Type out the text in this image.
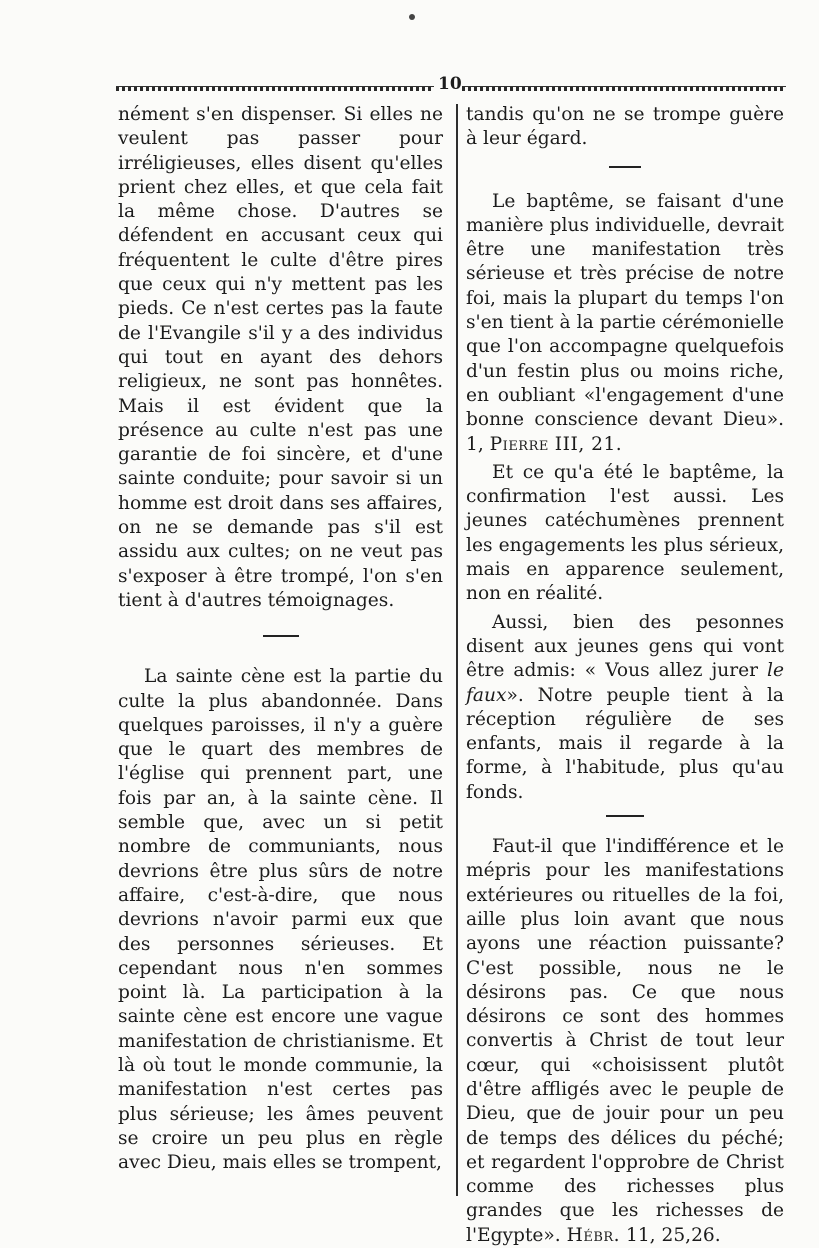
10

nément s'en dispenser. Si elles ne veulent pas passer pour irréligieuses, elles disent qu'elles prient chez elles, et que cela fait la même chose. D'autres se défendent en accusant ceux qui fréquentent le culte d'être pires que ceux qui n'y mettent pas les pieds. Ce n'est certes pas la faute de l'Evangile s'il y a des individus qui tout en ayant des dehors religieux, ne sont pas honnêtes. Mais il est évident que la présence au culte n'est pas une garantie de foi sincère, et d'une sainte conduite; pour savoir si un homme est droit dans ses affaires, on ne se demande pas s'il est assidu aux cultes; on ne veut pas s'exposer à être trompé, l'on s'en tient à d'autres témoignages.

La sainte cène est la partie du culte la plus abandonnée. Dans quelques paroisses, il n'y a guère que le quart des membres de l'église qui prennent part, une fois par an, à la sainte cène. Il semble que, avec un si petit nombre de communiants, nous devrions être plus sûrs de notre affaire, c'est-à-dire, que nous devrions n'avoir parmi eux que des personnes sérieuses. Et cependant nous n'en sommes point là. La participation à la sainte cène est encore une vague manifestation de christianisme. Et là où tout le monde communie, la manifestation n'est certes pas plus sérieuse; les âmes peuvent se croire un peu plus en règle avec Dieu, mais elles se trompent,

tandis qu'on ne se trompe guère à leur égard.

Le baptême, se faisant d'une manière plus individuelle, devrait être une manifestation très sérieuse et très précise de notre foi, mais la plupart du temps l'on s'en tient à la partie cérémonielle que l'on accompagne quelquefois d'un festin plus ou moins riche, en oubliant «l'engagement d'une bonne conscience devant Dieu». 1, Pierre III, 21.

Et ce qu'a été le baptême, la confirmation l'est aussi. Les jeunes catéchumènes prennent les engagements les plus sérieux, mais en apparence seulement, non en réalité.

Aussi, bien des pesonnes disent aux jeunes gens qui vont être admis: « Vous allez jurer le faux». Notre peuple tient à la réception régulière de ses enfants, mais il regarde à la forme, à l'habitude, plus qu'au fonds.

Faut-il que l'indifférence et le mépris pour les manifestations extérieures ou rituelles de la foi, aille plus loin avant que nous ayons une réaction puissante? C'est possible, nous ne le désirons pas. Ce que nous désirons ce sont des hommes convertis à Christ de tout leur cœur, qui «choisissent plutôt d'être affligés avec le peuple de Dieu, que de jouir pour un peu de temps des délices du péché; et regardent l'opprobre de Christ comme des richesses plus grandes que les richesses de l'Egypte». Hébr. 11, 25,26.
